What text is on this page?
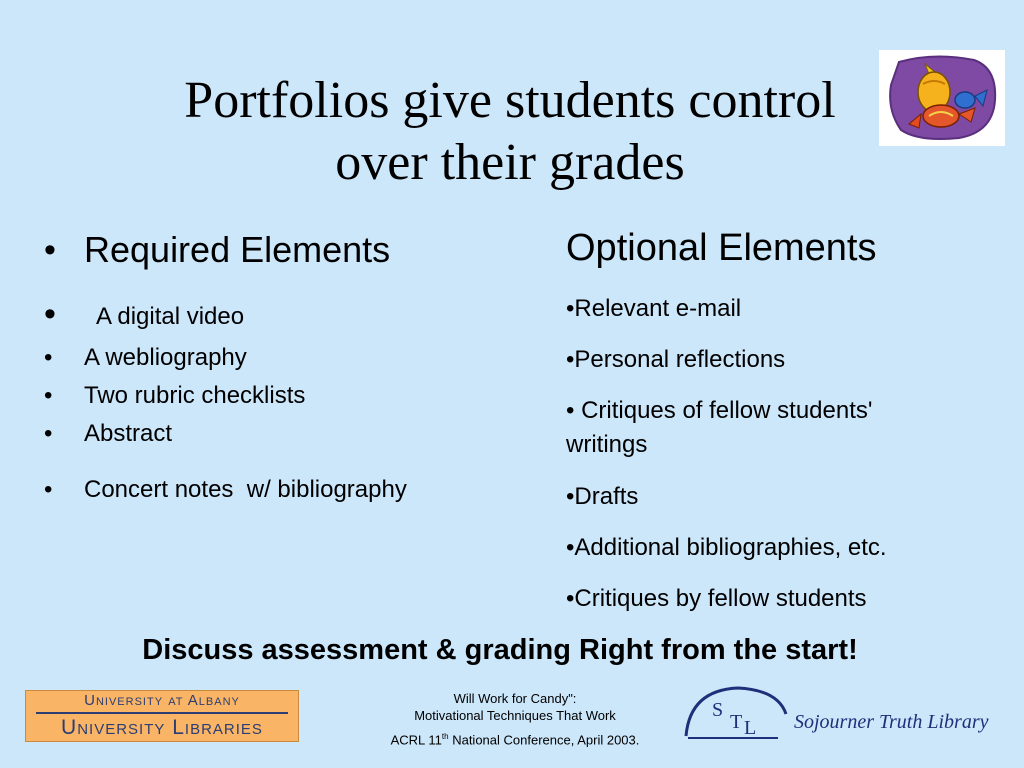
Portfolios give students control
over their grades
• Required Elements
• A digital video
• A webliography
• Two rubric checklists
• Abstract
• Concert notes  w/ bibliography
Optional Elements
•Relevant e-mail
•Personal reflections
• Critiques of fellow students'
writings
•Drafts
•Additional bibliographies, etc.
•Critiques by fellow students
Discuss assessment & grading Right from the start!
University at Albany
University Libraries
Will Work for Candy":
Motivational Techniques That Work
ACRL 11th National Conference, April 2003.
S
T L Sojourner Truth Library
